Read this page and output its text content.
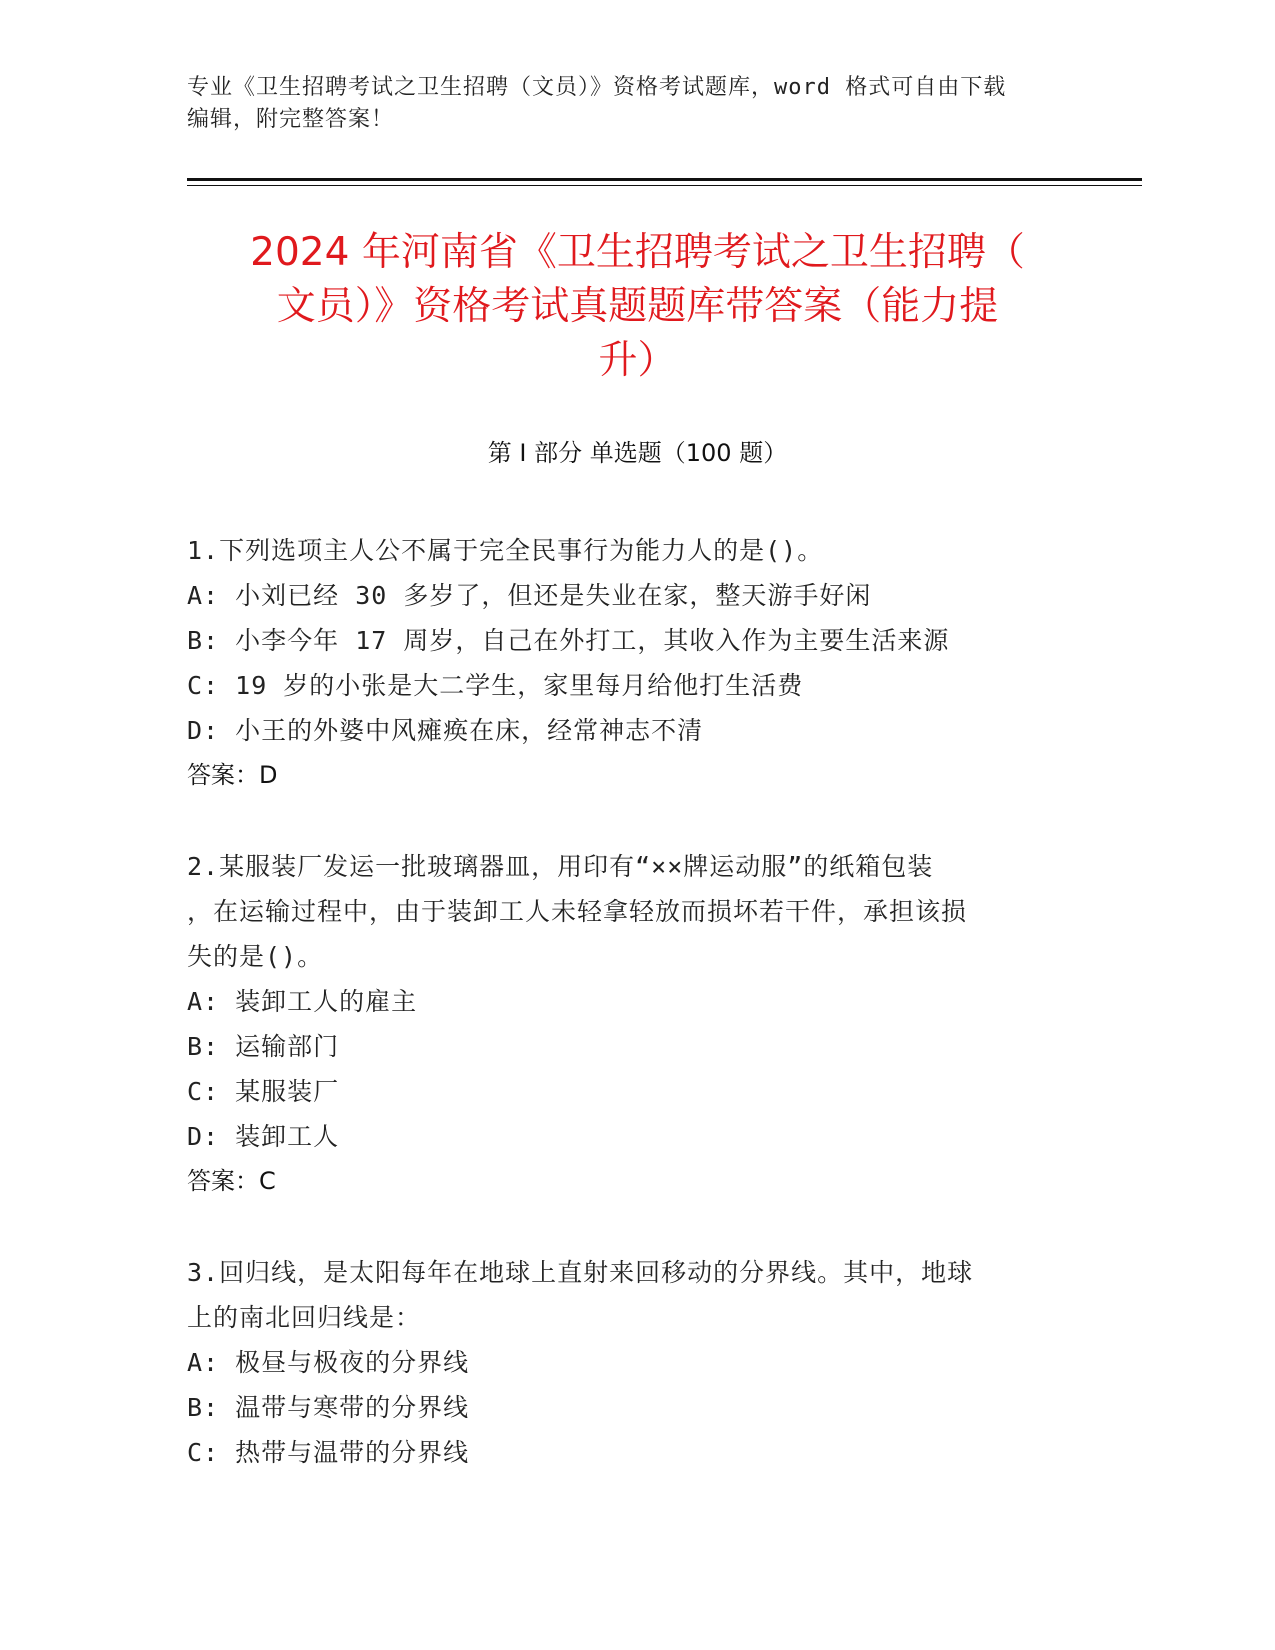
专业《卫生招聘考试之卫生招聘（文员）》资格考试题库，word 格式可自由下载
编辑，附完整答案！
2024 年河南省《卫生招聘考试之卫生招聘（
文员）》资格考试真题题库带答案（能力提
升）
第 I 部分 单选题（100 题）
1.下列选项主人公不属于完全民事行为能力人的是()。
A: 小刘已经 30 多岁了，但还是失业在家，整天游手好闲
B: 小李今年 17 周岁，自己在外打工，其收入作为主要生活来源
C: 19 岁的小张是大二学生，家里每月给他打生活费
D: 小王的外婆中风瘫痪在床，经常神志不清
答案：D
2.某服装厂发运一批玻璃器皿，用印有“××牌运动服”的纸箱包装
，在运输过程中，由于装卸工人未轻拿轻放而损坏若干件，承担该损
失的是()。
A: 装卸工人的雇主
B: 运输部门
C: 某服装厂
D: 装卸工人
答案：C
3.回归线，是太阳每年在地球上直射来回移动的分界线。其中，地球
上的南北回归线是：
A: 极昼与极夜的分界线
B: 温带与寒带的分界线
C: 热带与温带的分界线
